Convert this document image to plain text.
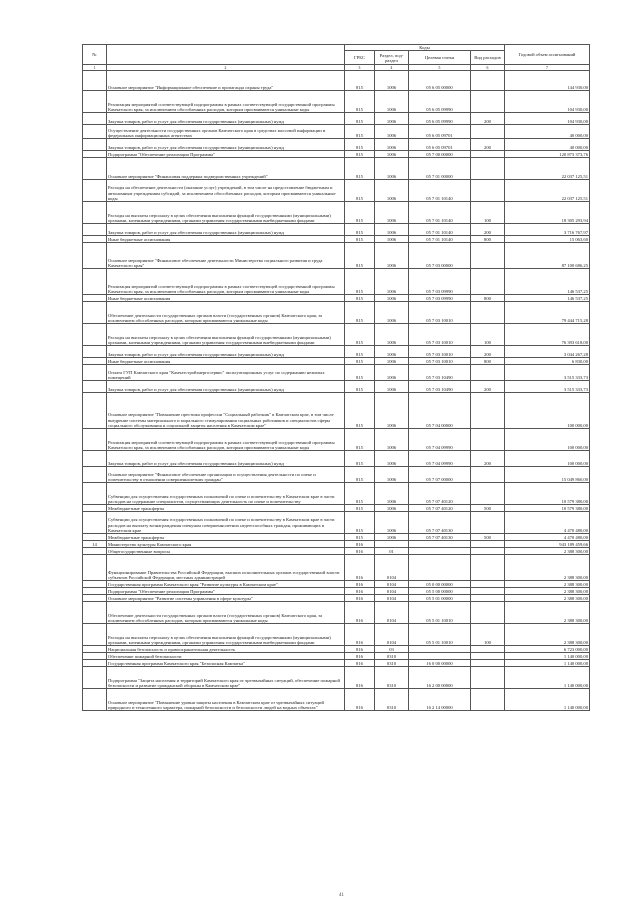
№		Коды				Годовой объем ассигнований
		ГРБС	Раздел, под-раздел	Целевая статья	Вид расходов	
1	2	3	4	5	6	7
	Основное мероприятие "Информационное обеспечение и пропаганда охраны труда"	815	1006	05 6 05 00000		144 930,00
	Реализация мероприятий соответствующей подпрограммы в рамках соответствующей государственной программы Камчатского края, за исключением обособленных расходов, которым присваиваются уникальные коды	815	1006	05 6 05 09990		104 930,00
	Закупка товаров, работ и услуг для обеспечения государственных (муниципальных) нужд	815	1006	05 6 05 09990	200	104 930,00
	Осуществление деятельности государственных органов Камчатского края в средствах массовой информации и федеральных информационных агентствах	815	1006	05 6 05 09701		40 000,00
	Закупка товаров, работ и услуг для обеспечения государственных (муниципальных) нужд	815	1006	05 6 05 09701	200	40 000,00
	Подпрограмма "Обеспечение реализации Программы"	815	1006	05 7 00 00000		120 873 373,76
	Основное мероприятие "Финансовая поддержка подведомственных учреждений"	815	1006	05 7 01 00000		22 037 125,51
	Расходы на обеспечение деятельности (оказание услуг) учреждений, в том числе на предоставление бюджетным и автономным учреждениям субсидий, за исключением обособленных расходов, которым присваиваются уникальные коды	815	1006	05 7 01 10140		22 037 125,51
	Расходы на выплаты персоналу в целях обеспечения выполнения функций государственными (муниципальными) органами, казенными учреждениями, органами управления государственными внебюджетными фондами	815	1006	05 7 01 10140	100	18 305 293,94
	Закупка товаров, работ и услуг для обеспечения государственных (муниципальных) нужд	815	1006	05 7 01 10140	200	3 716 767,97
	Иные бюджетные ассигнования	815	1006	05 7 01 10140	800	15 063,60
	Основное мероприятие "Финансовое обеспечение деятельности Министерства социального развития и труда Камчатского края"	815	1006	05 7 03 00000		87 100 686,25
	Реализация мероприятий соответствующей подпрограммы в рамках соответствующей государственной программы Камчатского края, за исключением обособленных расходов, которым присваиваются уникальные коды	815	1006	05 7 03 09990		146 537,25
	Иные бюджетные ассигнования	815	1006	05 7 03 09990	800	146 537,25
	Обеспечение деятельности государственных органов власти (государственных органов) Камчатского края, за исключением обособленных расходов, которым присваиваются уникальные коды	815	1006	05 7 03 10010		79 444 715,28
	Расходы на выплаты персоналу в целях обеспечения выполнения функций государственными (муниципальными) органами, казенными учреждениями, органами управления государственными внебюджетными фондами	815	1006	05 7 03 10010	100	76 393 618,00
	Закупка товаров, работ и услуг для обеспечения государственных (муниципальных) нужд	815	1006	05 7 03 10010	200	3 044 267,28
	Иные бюджетные ассигнования	815	1006	05 7 03 10010	800	6 830,00
	Оплата ГУП Камчатского края "Камчатстройэнергосервис" эксплуатационных услуг по содержанию нежилых помещений	815	1006	05 7 03 10490		3 515 333,73
	Закупка товаров, работ и услуг для обеспечения государственных (муниципальных) нужд	815	1006	05 7 03 10490	200	3 515 333,73
	Основное мероприятие "Повышение престижа профессии "Социальный работник" в Камчатском крае, в том числе внедрение системы материального и морального стимулирования социальных работников и специалистов сферы социального обслуживания и социальной защиты населения в Камчатском крае"	815	1006	05 7 04 00000		100 000,00
	Реализация мероприятий соответствующей подпрограммы в рамках соответствующей государственной программы Камчатского края, за исключением обособленных расходов, которым присваиваются уникальные коды	815	1006	05 7 04 09990		100 000,00
	Закупка товаров, работ и услуг для обеспечения государственных (муниципальных) нужд	815	1006	05 7 04 09990	200	100 000,00
	Основное мероприятие "Финансовое обеспечение организации и осуществления деятельности по опеке и попечительству в отношении совершеннолетних граждан"	815	1006	05 7 07 00000		15 049 860,00
	Субвенции для осуществления государственных полномочий по опеке и попечительству в Камчатском крае в части расходов на содержание специалистов, осуществляющих деятельность по опеке и попечительству	815	1006	05 7 07 40120		10 579 380,00
	Межбюджетные трансферты	815	1006	05 7 07 40120	500	10 579 380,00
	Субвенции для осуществления государственных полномочий по опеке и попечительству в Камчатском крае в части расходов на выплату вознаграждения опекунам совершеннолетних недееспособных граждан, проживающих в Камчатском крае	815	1006	05 7 07 40130		4 470 480,00
	Межбюджетные трансферты	815	1006	05 7 07 40130	500	4 470 480,00
14	Министерство культуры Камчатского края	816				943 189 459,66
	Общегосударственные вопросы	816	01			2 388 300,00
	Функционирование Правительства Российской Федерации, высших исполнительных органов государственной власти субъектов Российской Федерации, местных администраций	816	0104			2 388 300,00
	Государственная программа Камчатского края "Развитие культуры в Камчатском крае"	816	0104	05 0 00 00000		2 388 300,00
	Подпрограмма "Обеспечение реализации Программы"	816	0104	05 5 00 00000		2 388 300,00
	Основное мероприятие "Развитие системы управления в сфере культуры"	816	0104	05 5 01 00000		2 388 300,00
	Обеспечение деятельности государственных органов власти (государственных органов) Камчатского края, за исключением обособленных расходов, которым присваиваются уникальные коды	816	0104	05 5 01 10010		2 388 300,00
	Расходы на выплаты персоналу в целях обеспечения выполнения функций государственными (муниципальными) органами, казенными учреждениями, органами управления государственными внебюджетными фондами	816	0104	05 5 01 10010	100	2 388 300,00
	Национальная безопасность и правоохранительная деятельность	816	03			6 723 000,00
	Обеспечение пожарной безопасности	816	0310			1 140 000,00
	Государственная программа Камчатского края "Безопасная Камчатка"	816	0310	16 0 00 00000		1 140 000,00
	Подпрограмма "Защита населения и территорий Камчатского края от чрезвычайных ситуаций, обеспечение пожарной безопасности и развитие гражданской обороны в Камчатском крае"	816	0310	16 2 00 00000		1 140 000,00
	Основное мероприятие "Повышение уровня защиты населения в Камчатском крае от чрезвычайных ситуаций природного и техногенного характера, пожарной безопасности и безопасности людей на водных объектах"	816	0310	16 2 14 00000		1 140 000,00
41
